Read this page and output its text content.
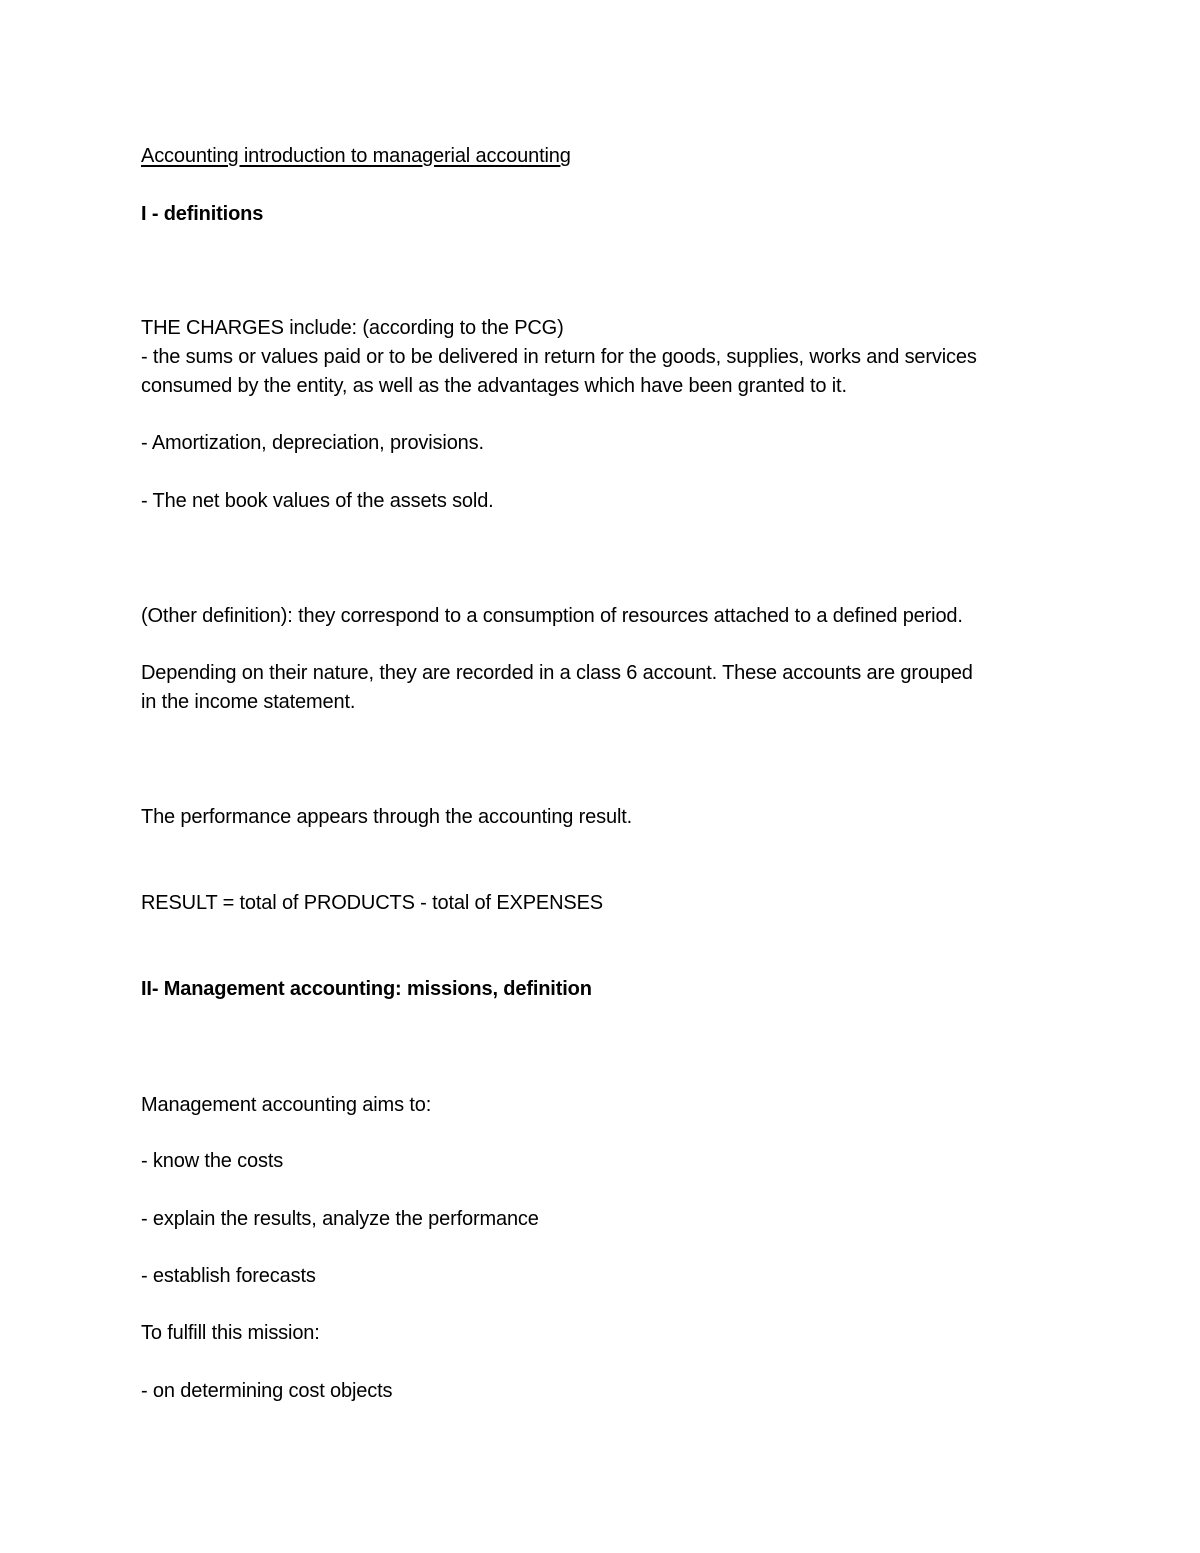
Accounting introduction to managerial accounting

I - definitions

THE CHARGES include: (according to the PCG)

- the sums or values paid or to be delivered in return for the goods, supplies, works and services

consumed by the entity, as well as the advantages which have been granted to it.

- Amortization, depreciation, provisions.

- The net book values of the assets sold.

(Other definition): they correspond to a consumption of resources attached to a defined period.

Depending on their nature, they are recorded in a class 6 account. These accounts are grouped

in the income statement.

The performance appears through the accounting result.

RESULT = total of PRODUCTS - total of EXPENSES

II- Management accounting: missions, definition

Management accounting aims to:

- know the costs

- explain the results, analyze the performance

- establish forecasts

To fulfill this mission:

- on determining cost objects
